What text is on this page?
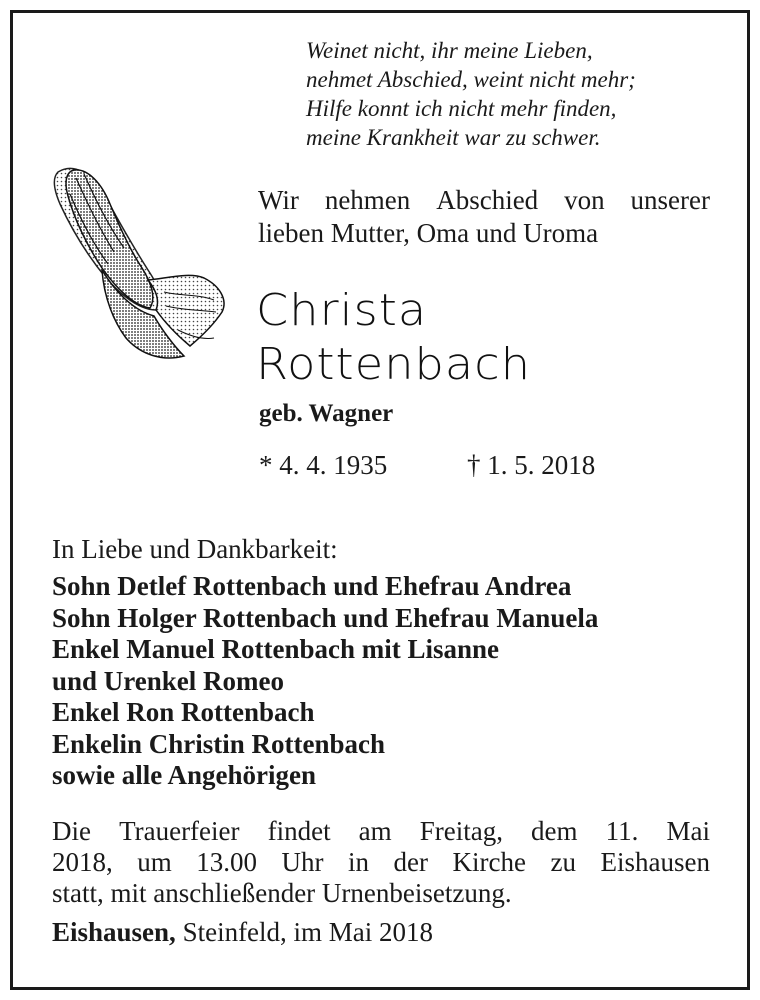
Weinet nicht, ihr meine Lieben,
nehmet Abschied, weint nicht mehr;
Hilfe konnt ich nicht mehr finden,
meine Krankheit war zu schwer.
Wir nehmen Abschied von unserer
lieben Mutter, Oma und Uroma
Christa
Rottenbach
geb. Wagner
* 4. 4. 1935	† 1. 5. 2018
In Liebe und Dankbarkeit:
Sohn Detlef Rottenbach und Ehefrau Andrea
Sohn Holger Rottenbach und Ehefrau Manuela
Enkel Manuel Rottenbach mit Lisanne
und Urenkel Romeo
Enkel Ron Rottenbach
Enkelin Christin Rottenbach
sowie alle Angehörigen
Die Trauerfeier findet am Freitag, dem 11. Mai
2018, um 13.00 Uhr in der Kirche zu Eishausen
statt, mit anschließender Urnenbeisetzung.
Eishausen, Steinfeld, im Mai 2018
